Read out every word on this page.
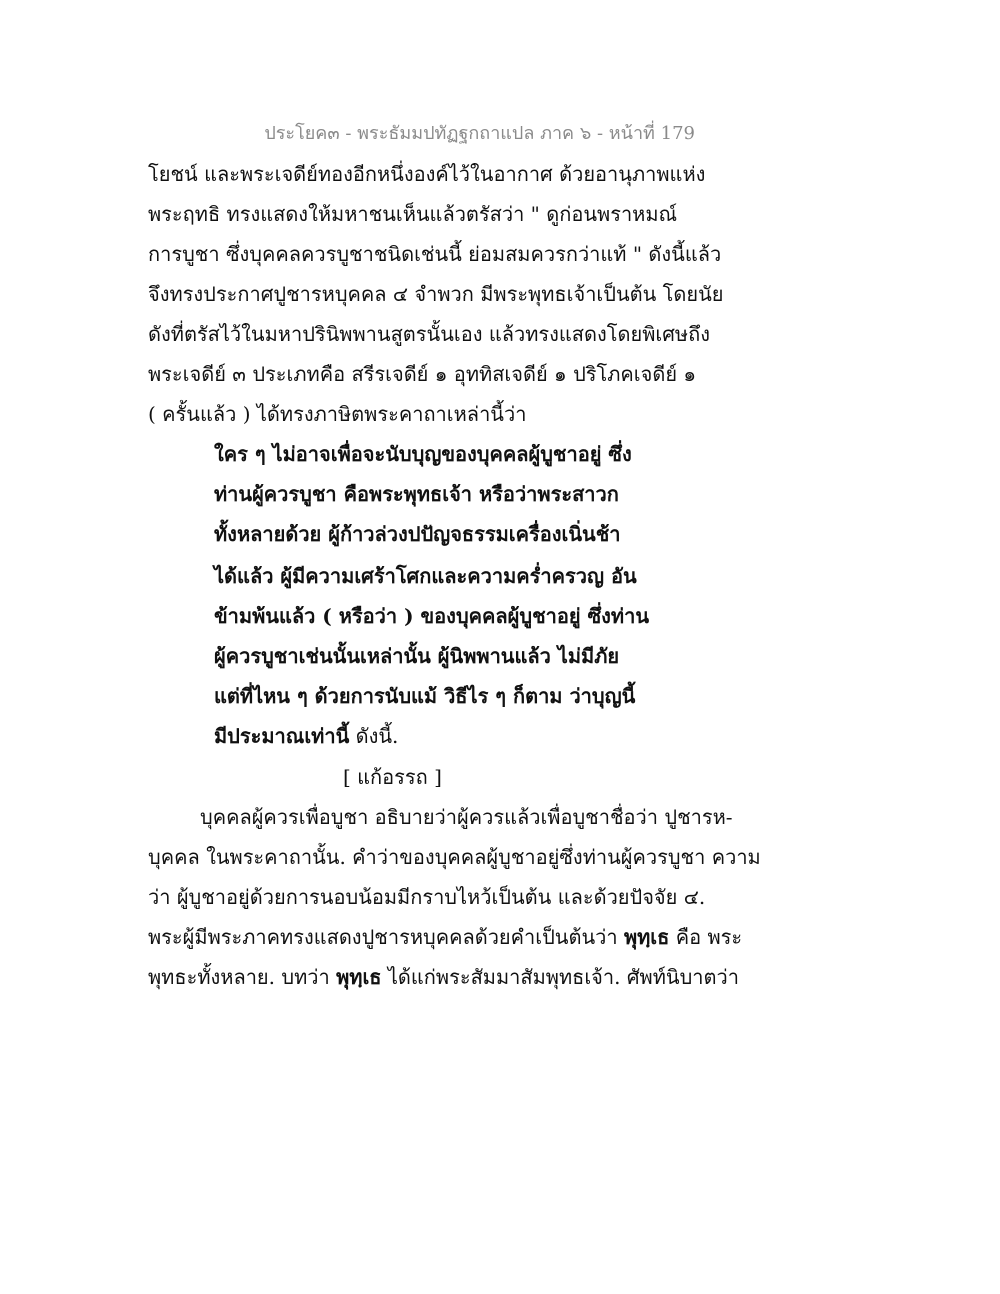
ประโยค๓ - พระธัมมปทัฏฐกถาแปล ภาค ๖ - หน้าที่ 179
โยชน์ และพระเจดีย์ทองอีกหนึ่งองค์ไว้ในอากาศ ด้วยอานุภาพแห่ง
พระฤทธิ ทรงแสดงให้มหาชนเห็นแล้วตรัสว่า " ดูก่อนพราหมณ์
การบูชา ซึ่งบุคคลควรบูชาชนิดเช่นนี้ ย่อมสมควรกว่าแท้ " ดังนี้แล้ว
จึงทรงประกาศปูชารหบุคคล ๔ จำพวก มีพระพุทธเจ้าเป็นต้น โดยนัย
ดังที่ตรัสไว้ในมหาปรินิพพานสูตรนั้นเอง แล้วทรงแสดงโดยพิเศษถึง
พระเจดีย์ ๓ ประเภทคือ สรีรเจดีย์ ๑ อุททิสเจดีย์ ๑ ปริโภคเจดีย์ ๑
( ครั้นแล้ว ) ได้ทรงภาษิตพระคาถาเหล่านี้ว่า
ใคร ๆ ไม่อาจเพื่อจะนับบุญของบุคคลผู้บูชาอยู่ ซึ่ง
ท่านผู้ควรบูชา คือพระพุทธเจ้า หรือว่าพระสาวก
ทั้งหลายด้วย ผู้ก้าวล่วงปปัญจธรรมเครื่องเนิ่นช้า
ได้แล้ว ผู้มีความเศร้าโศกและความคร่ำครวญ อัน
ข้ามพ้นแล้ว ( หรือว่า ) ของบุคคลผู้บูชาอยู่ ซึ่งท่าน
ผู้ควรบูชาเช่นนั้นเหล่านั้น ผู้นิพพานแล้ว ไม่มีภัย
แต่ที่ไหน ๆ ด้วยการนับแม้ วิธีไร ๆ ก็ตาม ว่าบุญนี้
มีประมาณเท่านี้ ดังนี้.
[ แก้อรรถ ]
บุคคลผู้ควรเพื่อบูชา อธิบายว่าผู้ควรแล้วเพื่อบูชาชื่อว่า ปูชารห-
บุคคล ในพระคาถานั้น. คำว่าของบุคคลผู้บูชาอยู่ซึ่งท่านผู้ควรบูชา ความ
ว่า ผู้บูชาอยู่ด้วยการนอบน้อมมีกราบไหว้เป็นต้น และด้วยปัจจัย ๔.
พระผู้มีพระภาคทรงแสดงปูชารหบุคคลด้วยคำเป็นต้นว่า พุทฺเธ คือ พระ
พุทธะทั้งหลาย. บทว่า พุทฺเธ ได้แก่พระสัมมาสัมพุทธเจ้า. ศัพท์นิบาตว่า
